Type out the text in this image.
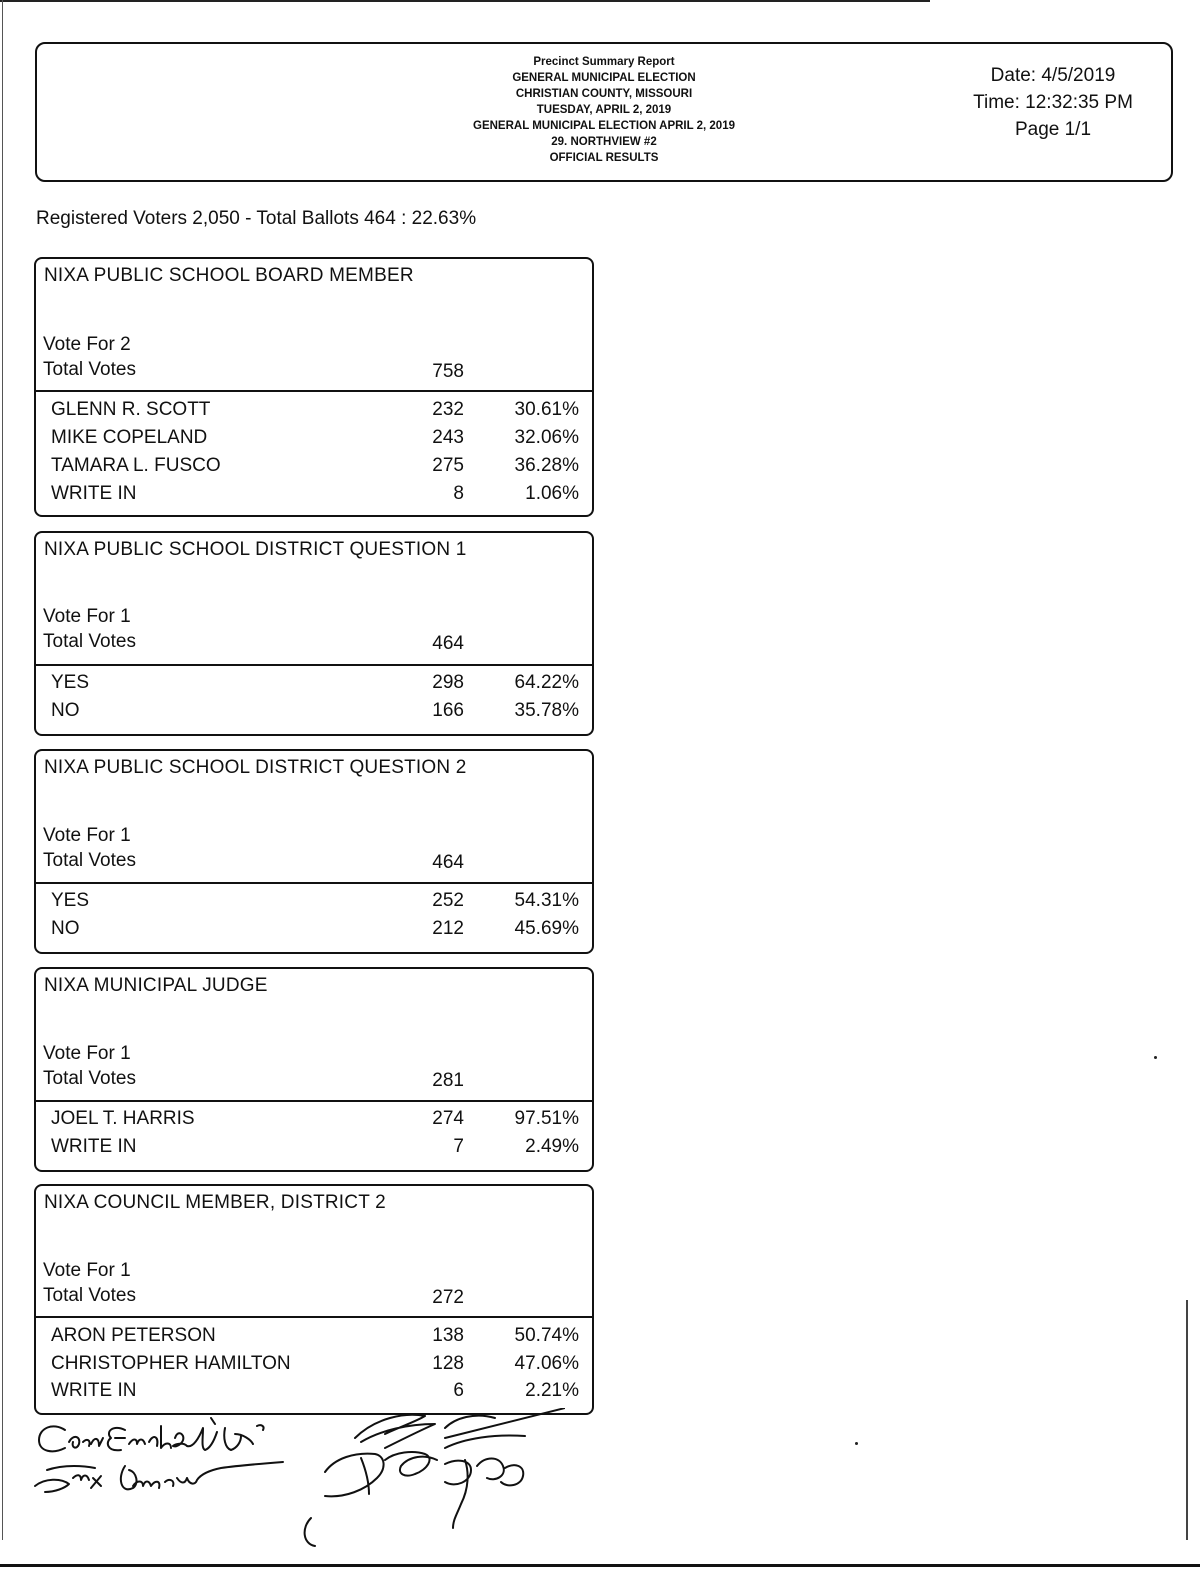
Precinct Summary Report
GENERAL MUNICIPAL ELECTION
CHRISTIAN COUNTY, MISSOURI
TUESDAY, APRIL 2, 2019
GENERAL MUNICIPAL ELECTION APRIL 2, 2019
29. NORTHVIEW #2
OFFICIAL RESULTS
Date: 4/5/2019
Time: 12:32:35 PM
Page 1/1
Registered Voters 2,050 - Total Ballots 464 : 22.63%
NIXA PUBLIC SCHOOL BOARD MEMBER
Vote For 2
Total Votes	758
GLENN R. SCOTT	232	30.61%
MIKE COPELAND	243	32.06%
TAMARA L. FUSCO	275	36.28%
WRITE IN	8	1.06%
NIXA PUBLIC SCHOOL DISTRICT QUESTION 1
Vote For 1
Total Votes	464
YES	298	64.22%
NO	166	35.78%
NIXA PUBLIC SCHOOL DISTRICT QUESTION 2
Vote For 1
Total Votes	464
YES	252	54.31%
NO	212	45.69%
NIXA MUNICIPAL JUDGE
Vote For 1
Total Votes	281
JOEL T. HARRIS	274	97.51%
WRITE IN	7	2.49%
NIXA COUNCIL MEMBER, DISTRICT 2
Vote For 1
Total Votes	272
ARON PETERSON	138	50.74%
CHRISTOPHER HAMILTON	128	47.06%
WRITE IN	6	2.21%
